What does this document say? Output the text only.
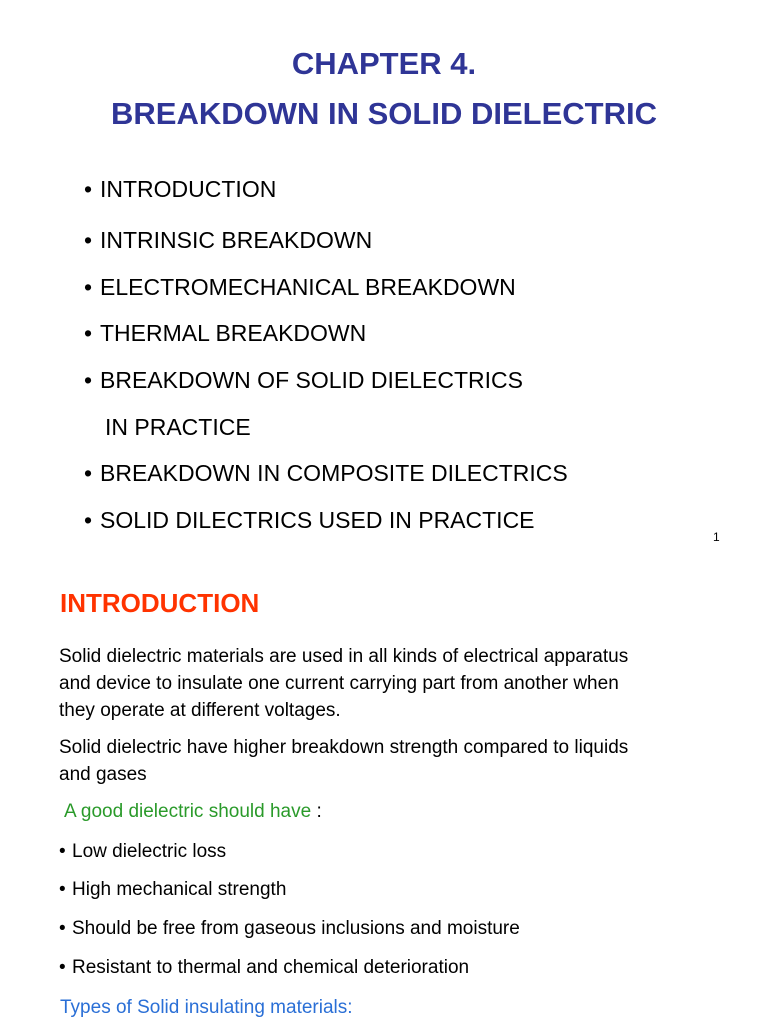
CHAPTER 4.
BREAKDOWN IN SOLID DIELECTRIC
• INTRODUCTION
• INTRINSIC BREAKDOWN
• ELECTROMECHANICAL BREAKDOWN
• THERMAL BREAKDOWN
• BREAKDOWN OF SOLID DIELECTRICS
IN PRACTICE
• BREAKDOWN IN COMPOSITE DILECTRICS
• SOLID DILECTRICS USED IN PRACTICE
1
INTRODUCTION
Solid dielectric materials are used in all kinds of electrical apparatus
and device to insulate one current carrying part from another when
they operate at different voltages.
Solid dielectric have higher breakdown strength compared to liquids
and gases
A good dielectric should have :
• Low dielectric loss
• High mechanical strength
• Should be free from gaseous inclusions and moisture
• Resistant to thermal and chemical deterioration
Types of Solid insulating materials:
